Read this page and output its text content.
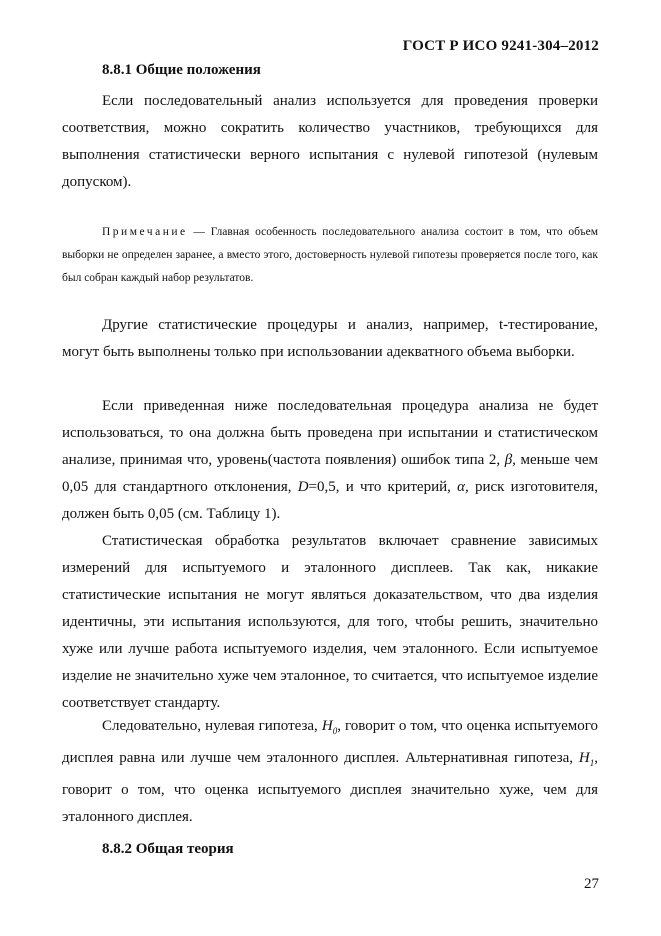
ГОСТ Р ИСО 9241-304–2012
8.8.1 Общие положения

Если последовательный анализ используется для проведения проверки соответствия, можно сократить количество участников, требующихся для выполнения статистически верного испытания с нулевой гипотезой (нулевым допуском).

Примечание — Главная особенность последовательного анализа состоит в том, что объем выборки не определен заранее, а вместо этого, достоверность нулевой гипотезы проверяется после того, как был собран каждый набор результатов.

Другие статистические процедуры и анализ, например, t-тестирование, могут быть выполнены только при использовании адекватного объема выборки.

Если приведенная ниже последовательная процедура анализа не будет использоваться, то она должна быть проведена при испытании и статистическом анализе, принимая что, уровень(частота появления) ошибок типа 2, β, меньше чем 0,05 для стандартного отклонения, D=0,5, и что критерий, α, риск изготовителя, должен быть 0,05 (см. Таблицу 1).

Статистическая обработка результатов включает сравнение зависимых измерений для испытуемого и эталонного дисплеев. Так как, никакие статистические испытания не могут являться доказательством, что два изделия идентичны, эти испытания используются, для того, чтобы решить, значительно хуже или лучше работа испытуемого изделия, чем эталонного. Если испытуемое изделие не значительно хуже чем эталонное, то считается, что испытуемое изделие соответствует стандарту.

Следовательно, нулевая гипотеза, $H_0$, говорит о том, что оценка испытуемого дисплея равна или лучше чем эталонного дисплея. Альтернативная гипотеза, $H_1$, говорит о том, что оценка испытуемого дисплея значительно хуже, чем для эталонного дисплея.

8.8.2 Общая теория
27
